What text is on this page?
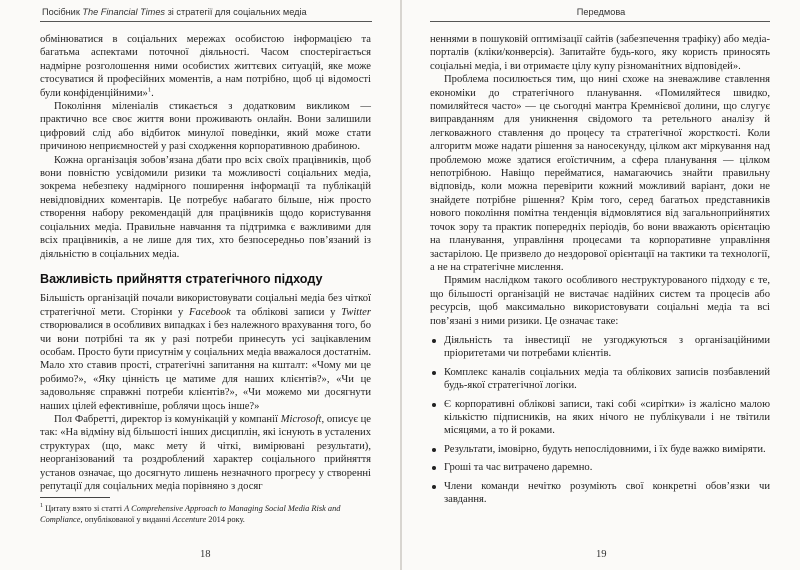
Посібник The Financial Times зі стратегії для соціальних медіа

обмінюватися в соціальних мережах особистою інформацією та багатьма аспектами поточної діяльності. Часом спостерігається надмірне розголошення ними особистих життєвих ситуацій, яке може стосуватися й професійних моментів, а нам потрібно, щоб ці відомості були конфіденційними»$^1$.

Покоління міленіалів стикається з додатковим викликом — практично все своє життя вони проживають онлайн. Вони залишили цифровий слід або відбиток минулої поведінки, який може стати причиною неприємностей у разі сходження корпоративною драбиною.

Кожна організація зобов’язана дбати про всіх своїх працівників, щоб вони повністю усвідомили ризики та можливості соціальних медіа, зокрема небезпеку надмірного поширення інформації та публікацій невідповідних коментарів. Це потребує набагато більше, ніж просто створення набору рекомендацій для працівників щодо користування соціальних медіа. Правильне навчання та підтримка є важливими для всіх працівників, а не лише для тих, хто безпосередньо пов’язаний із діяльністю в соціальних медіа.

Важливість прийняття стратегічного підходу

Більшість організацій почали використовувати соціальні медіа без чіткої стратегічної мети. Сторінки у Facebook та облікові записи у Twitter створювалися в особливих випадках і без належного врахування того, бо чи вони потрібні та як у разі потреби принесуть усі зацікавленим особам. Просто бути присутнім у соціальних медіа вважалося достатнім. Мало хто ставив прості, стратегічні запитання на кшталт: «Чому ми це робимо?», «Яку цінність це матиме для наших клієнтів?», «Чи це задовольняє справжні потреби клієнтів?», «Чи можемо ми досягнути наших цілей ефективніше, роблячи щось інше?»

Пол Фабретті, директор із комунікацій у компанії Microsoft, описує це так: «На відміну від більшості інших дисциплін, які існують в усталених структурах (що, макс мету й чіткі, вимірювані результати), неорганізований та роздроблений характер соціального прийняття установ означає, що досягнуто лишень незначного прогресу у створенні репутації для соціальних медіа порівняно з досяг

$^1$ Цитату взято зі статті A Comprehensive Approach to Managing Social Media Risk and Compliance, опублікованої у виданні Accenture 2014 року.
18
Передмова

неннями в пошуковій оптимізації сайтів (забезпечення трафіку) або медіа-порталів (кліки/конверсія). Запитайте будь-кого, яку користь приносять соціальні медіа, і ви отримаєте цілу купу різноманітних відповідей».

Проблема посилюється тим, що нині схоже на зневажливе ставлення економіки до стратегічного планування. «Помиляйтеся швидко, помиляйтеся часто» — це сьогодні мантра Кремнієвої долини, що слугує виправданням для уникнення свідомого та ретельного аналізу й легковажного ставлення до процесу та стратегічної жорсткості. Коли алгоритм може надати рішення за наносекунду, цілком акт міркування над проблемою може здатися егоїстичним, а сфера планування — цілком непотрібною. Навіщо перейматися, намагаючись знайти правильну відповідь, коли можна перевірити кожний можливий варіант, доки не знайдете потрібне рішення? Крім того, серед багатьох представників нового покоління помітна тенденція відмовлятися від загальноприйнятих точок зору та практик попередніх періодів, бо вони вважають орієнтацію на планування, управління процесами та корпоративне управління застарілою. Це призвело до нездорової орієнтації на тактики та технології, а не на стратегічне мислення.

Прямим наслідком такого особливого неструктурованого підходу є те, що більшості організацій не вистачає надійних систем та процесів або ресурсів, щоб максимально використовувати соціальні медіа та всі пов’язані з ними ризики. Це означає таке:

Діяльність та інвестиції не узгоджуються з організаційними пріоритетами чи потребами клієнтів.
Комплекс каналів соціальних медіа та облікових записів позбавлений будь-якої стратегічної логіки.
Є корпоративні облікові записи, такі собі «сирітки» із жалісно малою кількістю підписників, на яких нічого не публікували і не твітили місяцями, а то й роками.
Результати, імовірно, будуть непослідовними, і їх буде важко виміряти.
Гроші та час витрачено даремно.
Члени команди нечітко розуміють свої конкретні обов’язки чи завдання.
19
